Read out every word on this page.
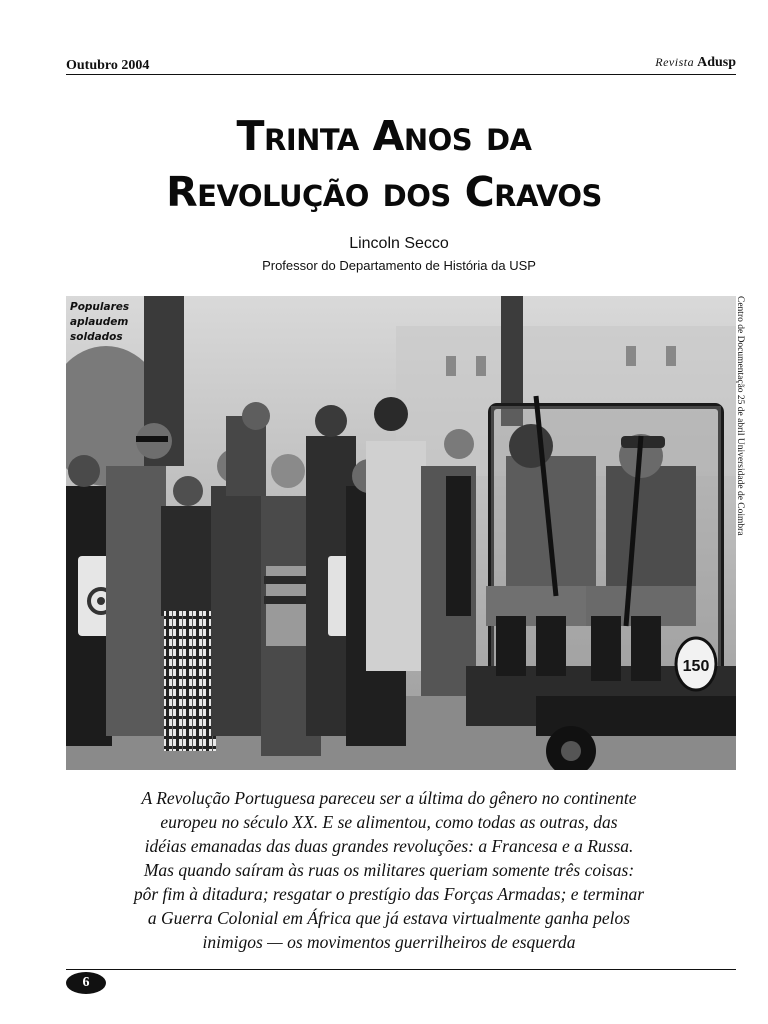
Outubro 2004	Revista Adusp
Trinta Anos da
Revolução dos Cravos
Lincoln Secco
Professor do Departamento de História da USP
150
Populares
aplaudem
soldados	Centro de Documentação 25 de abril Universidade de Coimbra
A Revolução Portuguesa pareceu ser a última do gênero no continente
europeu no século XX. E se alimentou, como todas as outras, das
idéias emanadas das duas grandes revoluções: a Francesa e a Russa.
Mas quando saíram às ruas os militares queriam somente três coisas:
pôr fim à ditadura; resgatar o prestígio das Forças Armadas; e terminar
a Guerra Colonial em África que já estava virtualmente ganha pelos
inimigos — os movimentos guerrilheiros de esquerda
6
